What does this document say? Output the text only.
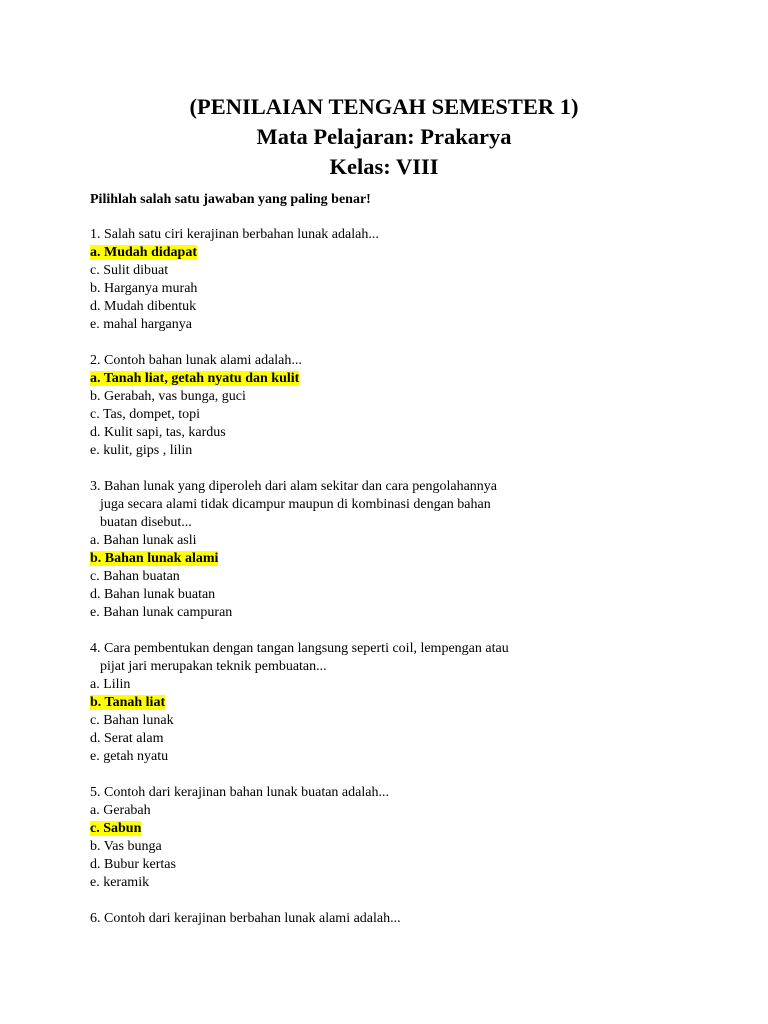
(PENILAIAN TENGAH SEMESTER 1)
Mata Pelajaran: Prakarya
Kelas: VIII
Pilihlah salah satu jawaban yang paling benar!
1. Salah satu ciri kerajinan berbahan lunak adalah...
a. Mudah didapat
c. Sulit dibuat
b. Harganya murah
d. Mudah dibentuk
e. mahal harganya
2. Contoh bahan lunak alami adalah...
a. Tanah liat, getah nyatu dan kulit
b. Gerabah, vas bunga, guci
c. Tas, dompet, topi
d. Kulit sapi, tas, kardus
e. kulit, gips , lilin
3. Bahan lunak yang diperoleh dari alam sekitar dan cara pengolahannya
juga secara alami tidak dicampur maupun di kombinasi dengan bahan
buatan disebut...
a. Bahan lunak asli
b. Bahan lunak alami
c. Bahan buatan
d. Bahan lunak buatan
e. Bahan lunak campuran
4. Cara pembentukan dengan tangan langsung seperti coil, lempengan atau
pijat jari merupakan teknik pembuatan...
a. Lilin
b. Tanah liat
c. Bahan lunak
d. Serat alam
e. getah nyatu
5. Contoh dari kerajinan bahan lunak buatan adalah...
a. Gerabah
c. Sabun
b. Vas bunga
d. Bubur kertas
e. keramik
6. Contoh dari kerajinan berbahan lunak alami adalah...
